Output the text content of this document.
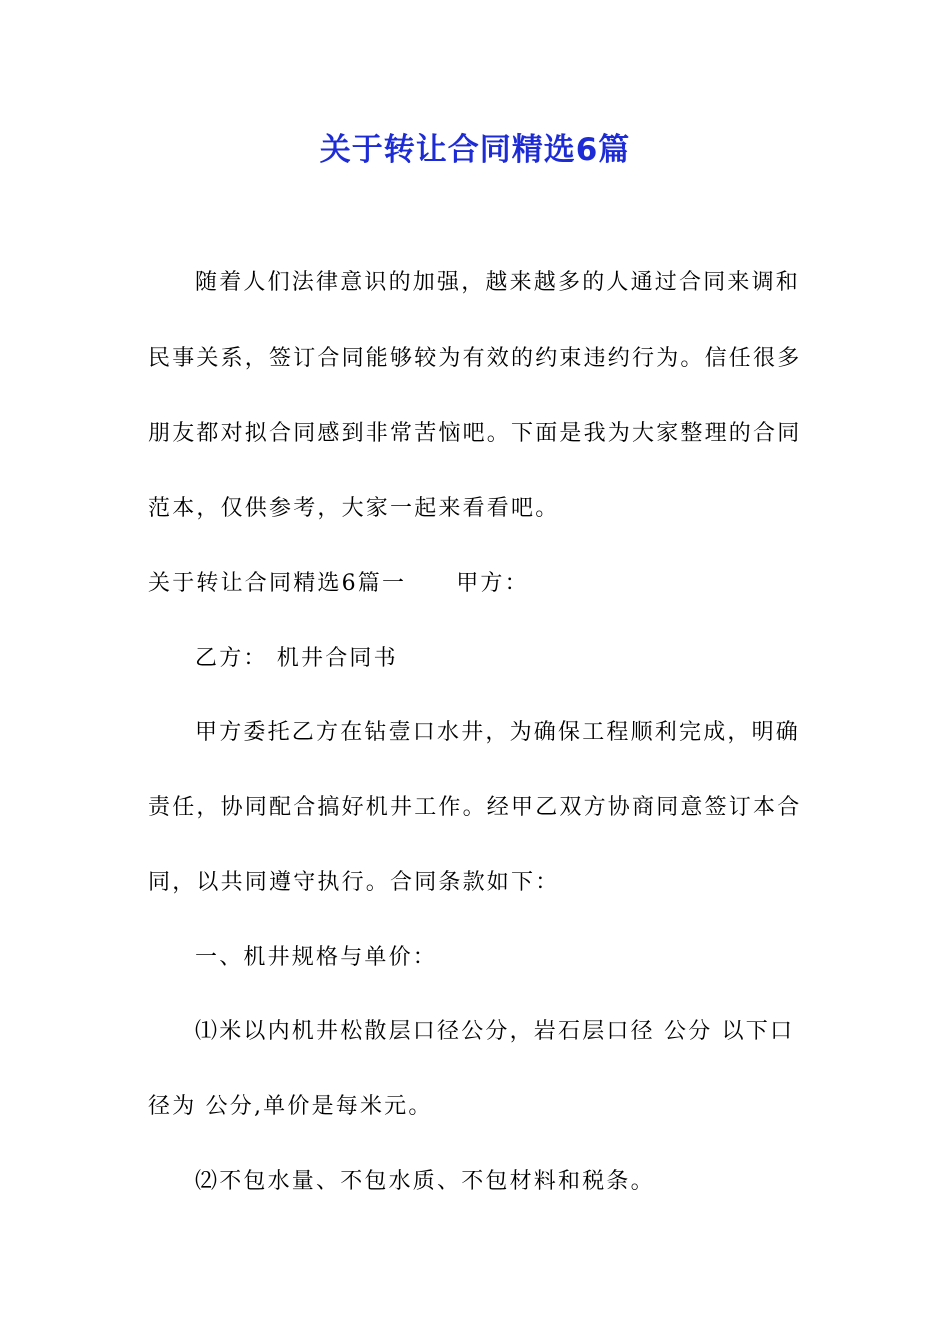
关于转让合同精选6篇
随着人们法律意识的加强，越来越多的人通过合同来调和
民事关系，签订合同能够较为有效的约束违约行为。信任很多
朋友都对拟合同感到非常苦恼吧。下面是我为大家整理的合同
范本，仅供参考，大家一起来看看吧。
关于转让合同精选6篇一 甲方：
乙方： 机井合同书
甲方委托乙方在钻壹口水井，为确保工程顺利完成，明确
责任，协同配合搞好机井工作。经甲乙双方协商同意签订本合
同，以共同遵守执行。合同条款如下：
一、机井规格与单价：
⑴米以内机井松散层口径公分，岩石层口径 公分 以下口
径为 公分,单价是每米元。
⑵不包水量、不包水质、不包材料和税条。
